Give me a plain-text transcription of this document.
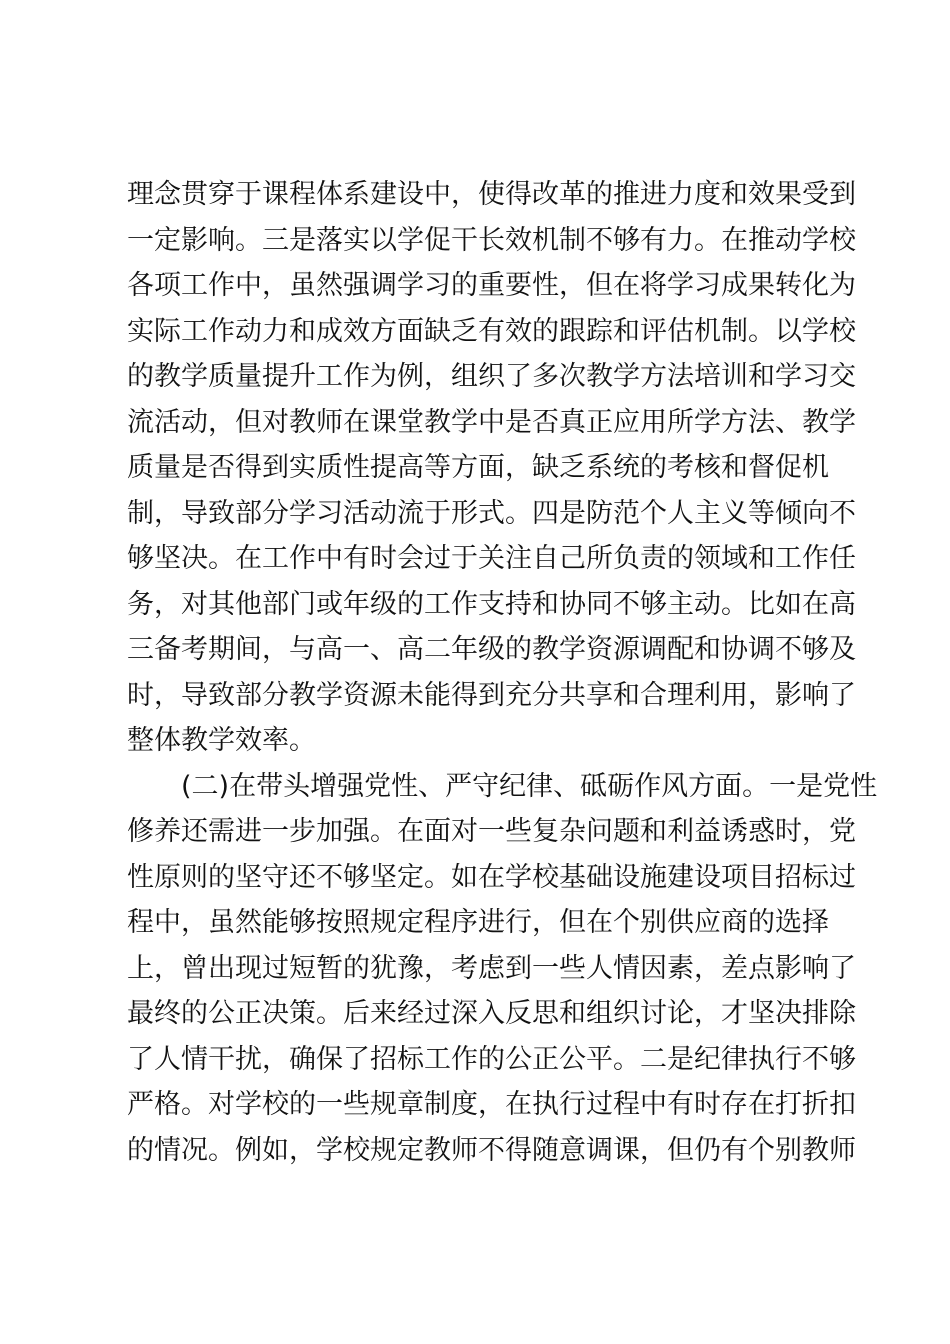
理念贯穿于课程体系建设中，使得改革的推进力度和效果受到
一定影响。三是落实以学促干长效机制不够有力。在推动学校
各项工作中，虽然强调学习的重要性，但在将学习成果转化为
实际工作动力和成效方面缺乏有效的跟踪和评估机制。以学校
的教学质量提升工作为例，组织了多次教学方法培训和学习交
流活动，但对教师在课堂教学中是否真正应用所学方法、教学
质量是否得到实质性提高等方面，缺乏系统的考核和督促机
制，导致部分学习活动流于形式。四是防范个人主义等倾向不
够坚决。在工作中有时会过于关注自己所负责的领域和工作任
务，对其他部门或年级的工作支持和协同不够主动。比如在高
三备考期间，与高一、高二年级的教学资源调配和协调不够及
时，导致部分教学资源未能得到充分共享和合理利用，影响了
整体教学效率。
(二)在带头增强党性、严守纪律、砥砺作风方面。一是党性
修养还需进一步加强。在面对一些复杂问题和利益诱惑时，党
性原则的坚守还不够坚定。如在学校基础设施建设项目招标过
程中，虽然能够按照规定程序进行，但在个别供应商的选择
上，曾出现过短暂的犹豫，考虑到一些人情因素，差点影响了
最终的公正决策。后来经过深入反思和组织讨论，才坚决排除
了人情干扰，确保了招标工作的公正公平。二是纪律执行不够
严格。对学校的一些规章制度，在执行过程中有时存在打折扣
的情况。例如，学校规定教师不得随意调课，但仍有个别教师
